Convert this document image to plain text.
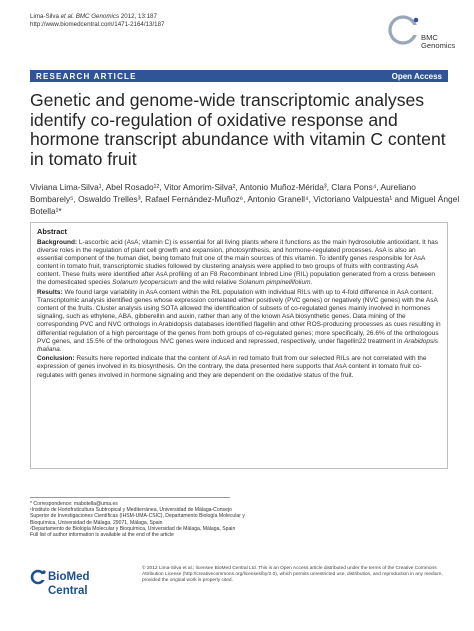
Lima-Silva et al. BMC Genomics 2012, 13:187
http://www.biomedcentral.com/1471-2164/13/187
BMC
Genomics
RESEARCH ARTICLE	Open Access
Genetic and genome-wide transcriptomic analyses identify co-regulation of oxidative response and hormone transcript abundance with vitamin C content in tomato fruit
Viviana Lima-Silva¹, Abel Rosado¹², Vitor Amorim-Silva², Antonio Muñoz-Mérida³, Clara Pons⁴, Aureliano Bombarely⁵, Oswaldo Trelles³, Rafael Fernández-Muñoz⁶, Antonio Granell⁴, Victoriano Valpuesta¹ and Miguel Ángel Botella¹*
Abstract

Background: L-ascorbic acid (AsA; vitamin C) is essential for all living plants where it functions as the main hydrosoluble antioxidant. It has diverse roles in the regulation of plant cell growth and expansion, photosynthesis, and hormone-regulated processes. AsA is also an essential component of the human diet, being tomato fruit one of the main sources of this vitamin. To identify genes responsible for AsA content in tomato fruit, transcriptomic studies followed by clustering analysis were applied to two groups of fruits with contrasting AsA content. These fruits were identified after AsA profiling of an F8 Recombinant Inbred Line (RIL) population generated from a cross between the domesticated species Solanum lycopersicum and the wild relative Solanum pimpinellifolium.

Results: We found large variability in AsA content within the RIL population with individual RILs with up to 4-fold difference in AsA content. Transcriptomic analysis identified genes whose expression correlated either positively (PVC genes) or negatively (NVC genes) with the AsA content of the fruits. Cluster analysis using SOTA allowed the identification of subsets of co-regulated genes mainly involved in hormones signaling, such as ethylene, ABA, gibberellin and auxin, rather than any of the known AsA biosynthetic genes. Data mining of the corresponding PVC and NVC orthologs in Arabidopsis databases identified flagellin and other ROS-producing processes as cues resulting in differential regulation of a high percentage of the genes from both groups of co-regulated genes; more specifically, 26.6% of the orthologous PVC genes, and 15.5% of the orthologous NVC genes were induced and repressed, respectively, under flagellin22 treatment in Arabidopsis thaliana.

Conclusion: Results here reported indicate that the content of AsA in red tomato fruit from our selected RILs are not correlated with the expression of genes involved in its biosynthesis. On the contrary, the data presented here supports that AsA content in tomato fruit co-regulates with genes involved in hormone signaling and they are dependent on the oxidative status of the fruit.

* Correspondence: mabotella@uma.es
¹Instituto de Hortofruticultura Subtropical y Mediterránea, Universidad de Málaga-Consejo Superior de Investigaciones Científicas (IHSM-UMA-CSIC), Departamento Biología Molecular y Bioquímica, Universidad de Málaga, 29071, Málaga, Spain
²Departamento de Biología Molecular y Bioquímica, Universidad de Málaga, Málaga, Spain
Full list of author information is available at the end of the article
BioMed Central
© 2012 Lima-Silva et al.; licensee BioMed Central Ltd. This is an Open Access article distributed under the terms of the Creative Commons Attribution License (http://creativecommons.org/licenses/by/2.0), which permits unrestricted use, distribution, and reproduction in any medium, provided the original work is properly cited.
